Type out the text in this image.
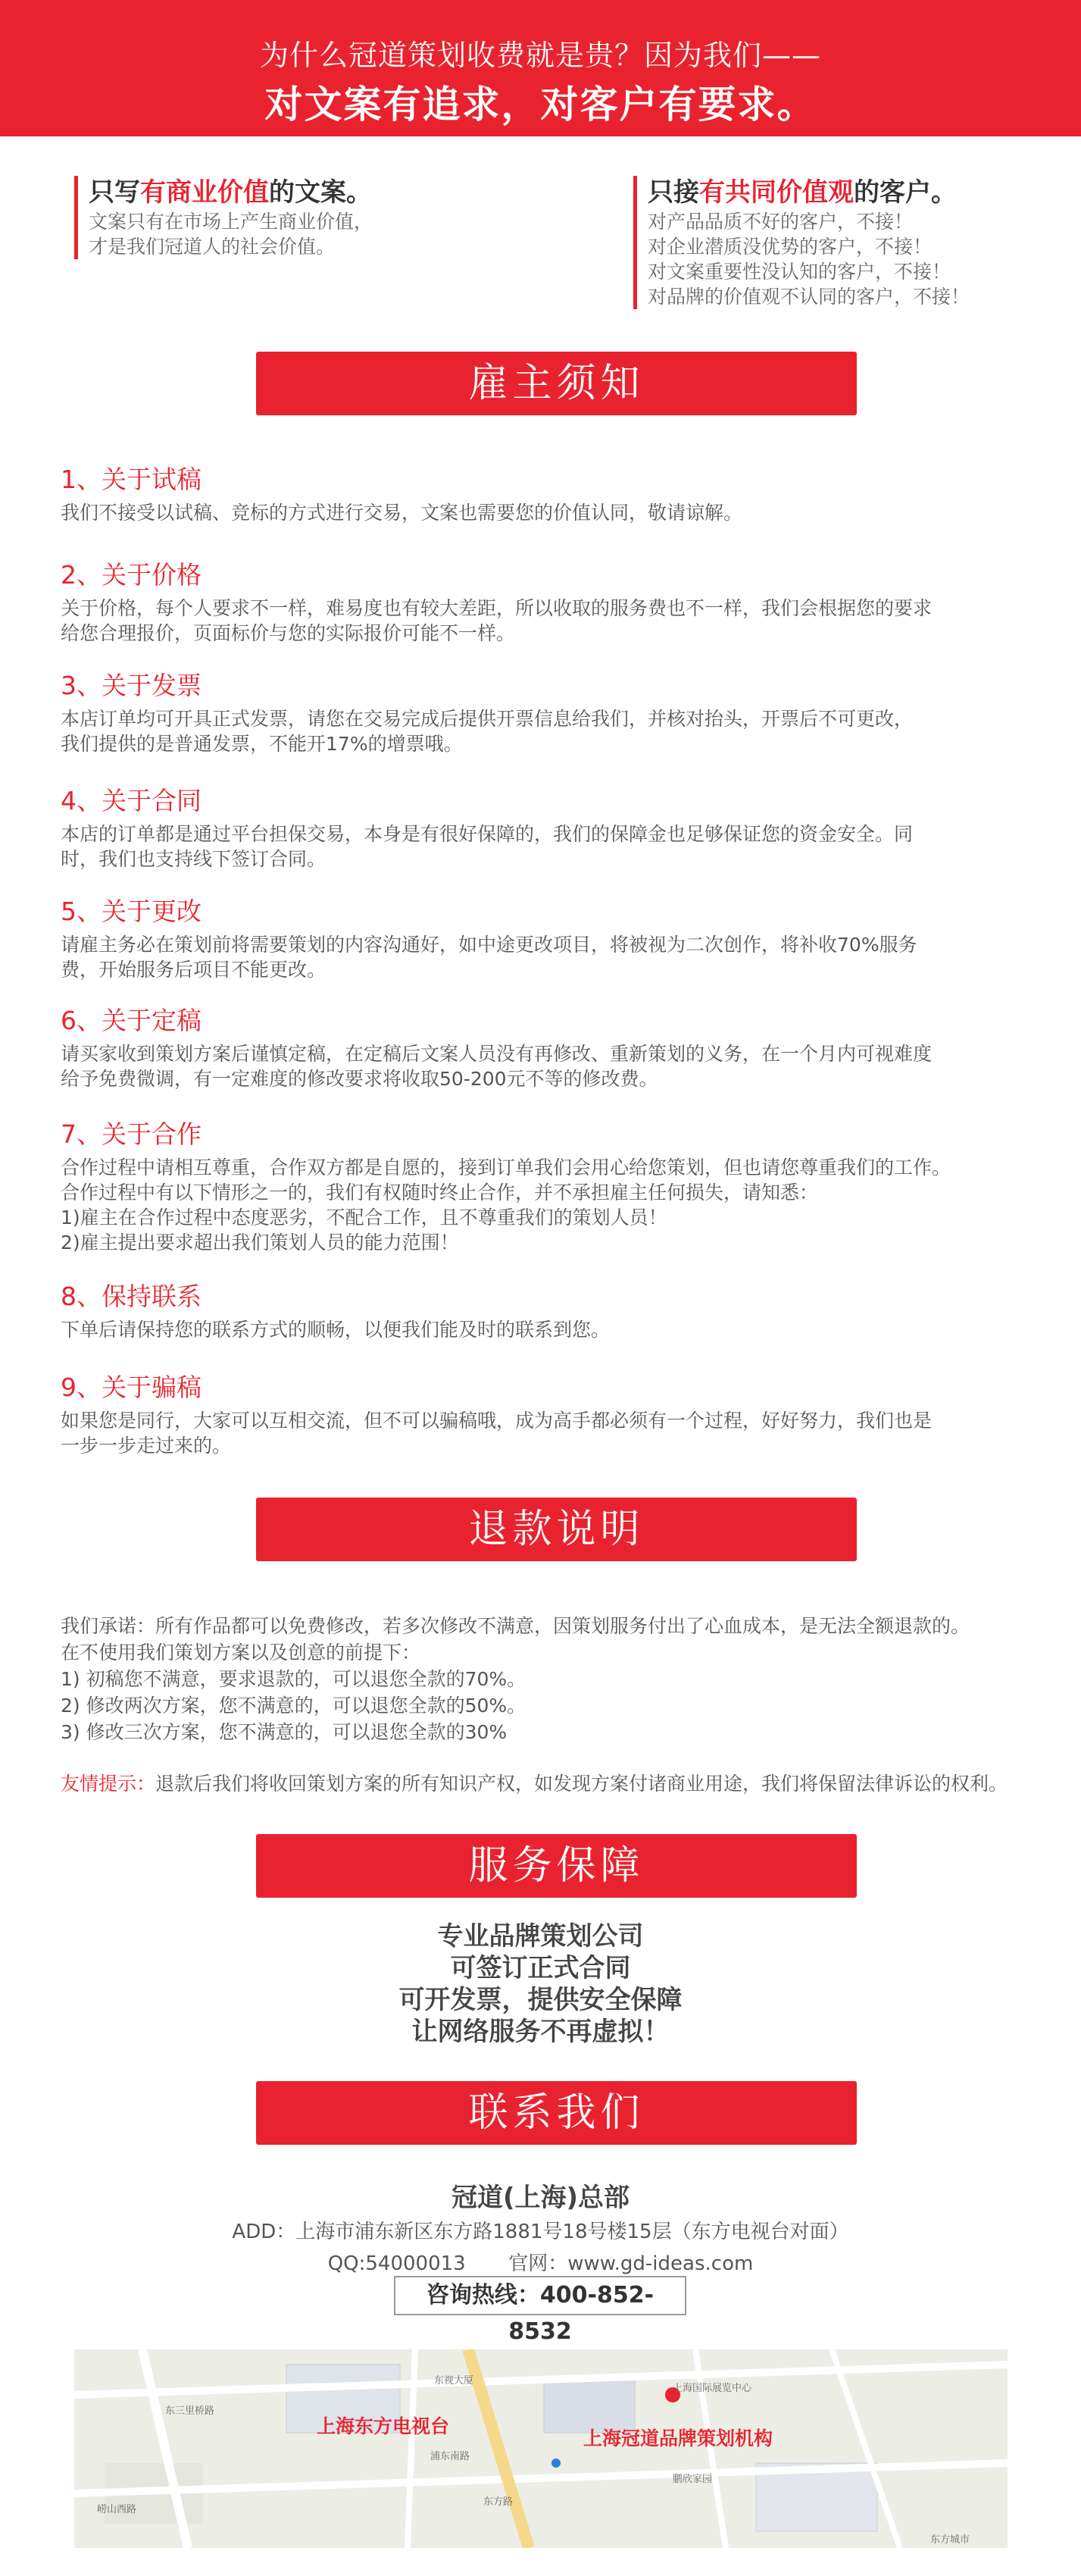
为什么冠道策划收费就是贵？因为我们——
对文案有追求，对客户有要求。
只写有商业价值的文案。
文案只有在市场上产生商业价值，
才是我们冠道人的社会价值。
只接有共同价值观的客户。
对产品品质不好的客户，不接！
对企业潜质没优势的客户，不接！
对文案重要性没认知的客户，不接！
对品牌的价值观不认同的客户，不接！
雇主须知
1、关于试稿
我们不接受以试稿、竞标的方式进行交易，文案也需要您的价值认同，敬请谅解。
2、关于价格
关于价格，每个人要求不一样，难易度也有较大差距，所以收取的服务费也不一样，我们会根据您的要求
给您合理报价，页面标价与您的实际报价可能不一样。
3、关于发票
本店订单均可开具正式发票，请您在交易完成后提供开票信息给我们，并核对抬头，开票后不可更改，
我们提供的是普通发票，不能开17%的增票哦。
4、关于合同
本店的订单都是通过平台担保交易，本身是有很好保障的，我们的保障金也足够保证您的资金安全。同
时，我们也支持线下签订合同。
5、关于更改
请雇主务必在策划前将需要策划的内容沟通好，如中途更改项目，将被视为二次创作，将补收70%服务
费，开始服务后项目不能更改。
6、关于定稿
请买家收到策划方案后谨慎定稿，在定稿后文案人员没有再修改、重新策划的义务，在一个月内可视难度
给予免费微调，有一定难度的修改要求将收取50-200元不等的修改费。
7、关于合作
合作过程中请相互尊重，合作双方都是自愿的，接到订单我们会用心给您策划，但也请您尊重我们的工作。
合作过程中有以下情形之一的，我们有权随时终止合作，并不承担雇主任何损失，请知悉：
1)雇主在合作过程中态度恶劣，不配合工作，且不尊重我们的策划人员！
2)雇主提出要求超出我们策划人员的能力范围！
8、保持联系
下单后请保持您的联系方式的顺畅，以便我们能及时的联系到您。
9、关于骗稿
如果您是同行，大家可以互相交流，但不可以骗稿哦，成为高手都必须有一个过程，好好努力，我们也是
一步一步走过来的。
退款说明
我们承诺：所有作品都可以免费修改，若多次修改不满意，因策划服务付出了心血成本，是无法全额退款的。
在不使用我们策划方案以及创意的前提下：
1) 初稿您不满意，要求退款的，可以退您全款的70%。
2) 修改两次方案，您不满意的，可以退您全款的50%。
3) 修改三次方案，您不满意的，可以退您全款的30%
友情提示：退款后我们将收回策划方案的所有知识产权，如发现方案付诸商业用途，我们将保留法律诉讼的权利。
服务保障
专业品牌策划公司
可签订正式合同
可开发票，提供安全保障
让网络服务不再虚拟！
联系我们
冠道(上海)总部
ADD：上海市浦东新区东方路1881号18号楼15层（东方电视台对面）
QQ:54000013 官网：www.gd-ideas.com
咨询热线：400-852-8532
上海东方电视台
上海冠道品牌策划机构
东视大厦
上海国际展览中心
鹏欣家园
东三里桥路
崂山西路
东方路
浦东南路
东方城市
